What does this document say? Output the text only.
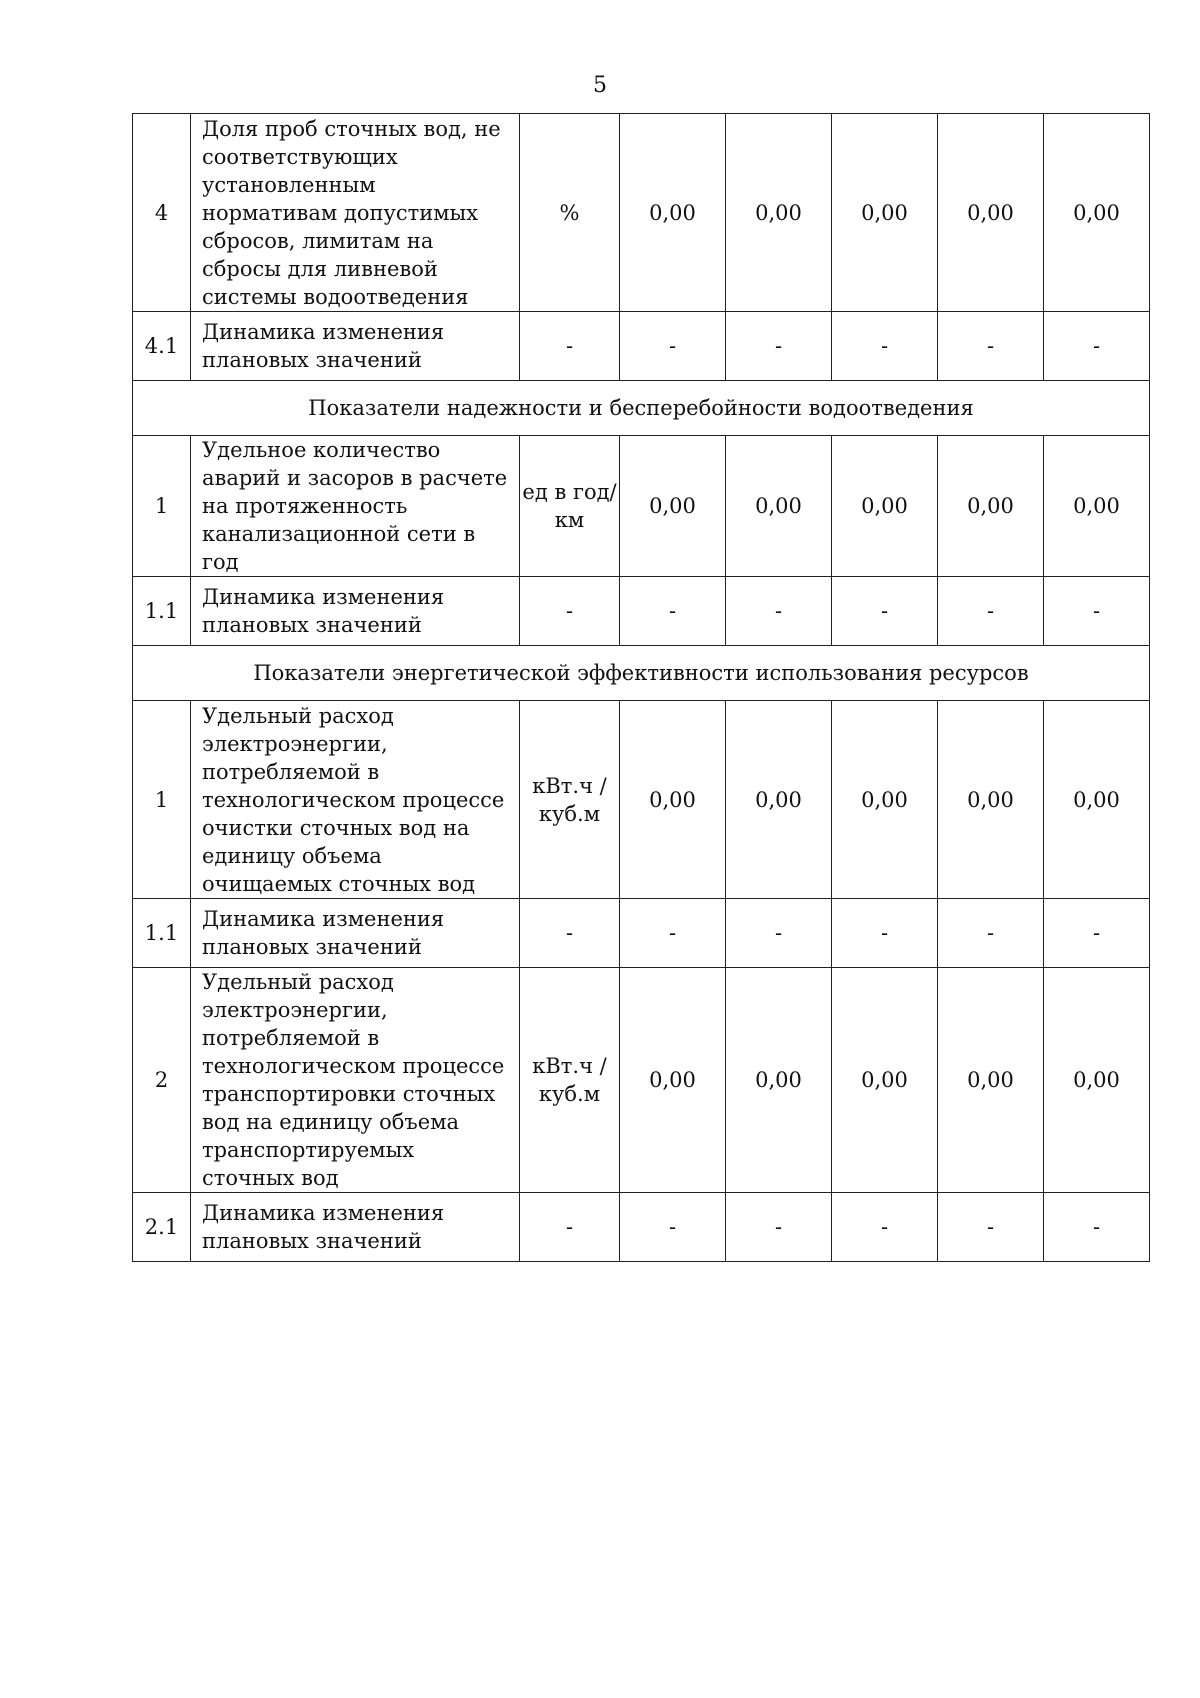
5
4	Доля проб сточных вод, не соответствующих установленным нормативам допустимых сбросов, лимитам на сбросы для ливневой системы водоотведения	%	0,00	0,00	0,00	0,00	0,00
4.1	Динамика изменения плановых значений	-	-	-	-	-	-
Показатели надежности и бесперебойности водоотведения							
1	Удельное количество аварий и засоров в расчете на протяженность канализационной сети в год	ед в год/ км	0,00	0,00	0,00	0,00	0,00
1.1	Динамика изменения плановых значений	-	-	-	-	-	-
Показатели энергетической эффективности использования ресурсов							
1	Удельный расход электроэнергии, потребляемой в технологическом процессе очистки сточных вод на единицу объема очищаемых сточных вод	кВт.ч / куб.м	0,00	0,00	0,00	0,00	0,00
1.1	Динамика изменения плановых значений	-	-	-	-	-	-
2	Удельный расход электроэнергии, потребляемой в технологическом процессе транспортировки сточных вод на единицу объема транспортируемых сточных вод	кВт.ч / куб.м	0,00	0,00	0,00	0,00	0,00
2.1	Динамика изменения плановых значений	-	-	-	-	-	-
